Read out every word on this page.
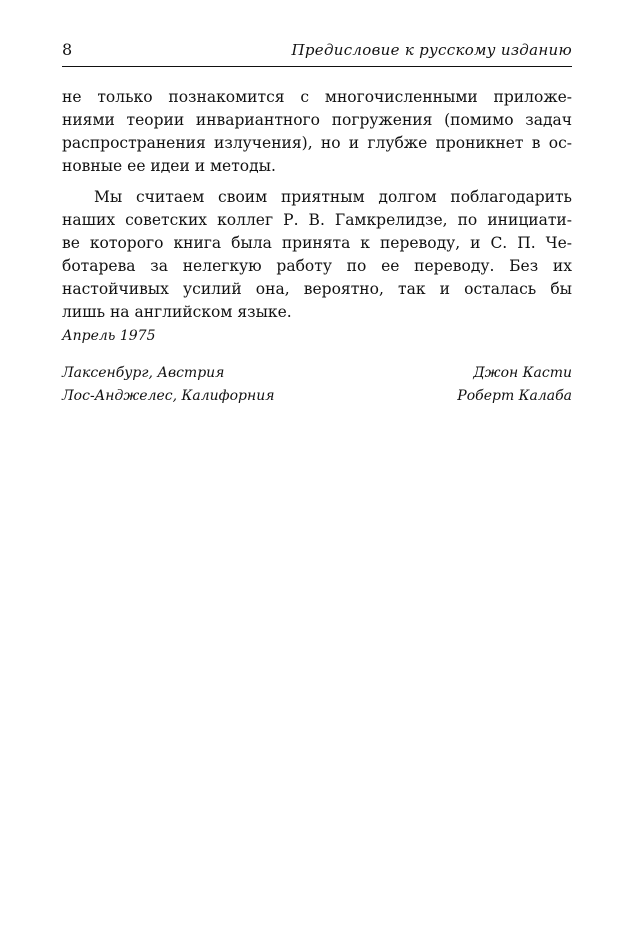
8	Предисловие к русскому изданию
не только познакомится с многочисленными приложе-
ниями теории инвариантного погружения (помимо задач
распространения излучения), но и глубже проникнет в ос-
новные ее идеи и методы.
Мы считаем своим приятным долгом поблагодарить
наших советских коллег Р. В. Гамкрелидзе, по инициати-
ве которого книга была принята к переводу, и С. П. Че-
ботарева за нелегкую работу по ее переводу. Без их
настойчивых усилий она, вероятно, так и осталась бы
лишь на английском языке.
Апрель 1975
Лаксенбург, Австрия
Лос-Анджелес, Калифорния
Джон Касти
Роберт Калаба
